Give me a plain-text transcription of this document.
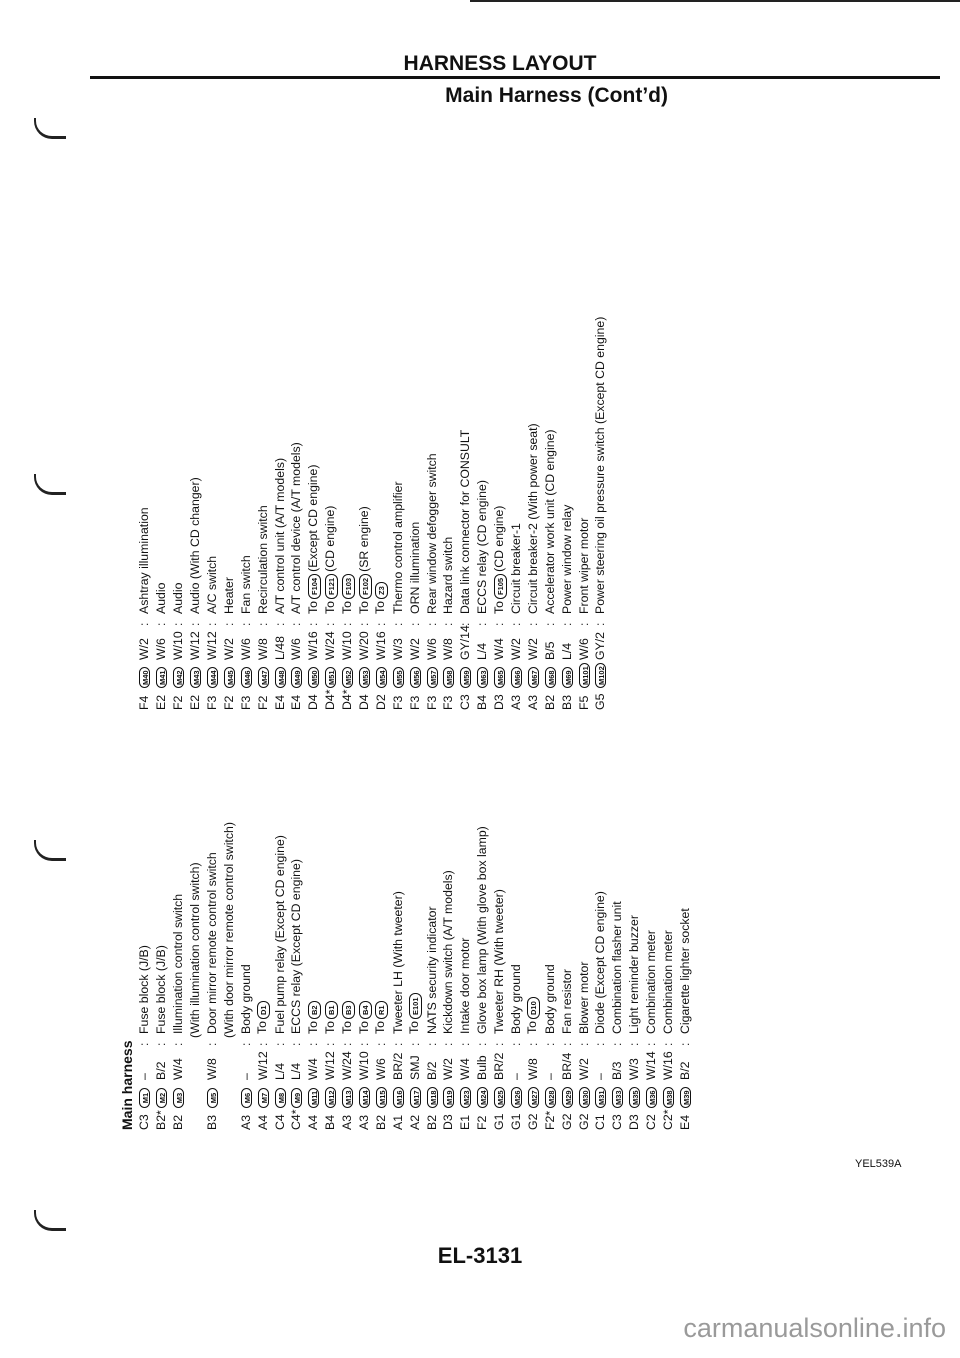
HARNESS LAYOUT
Main Harness (Cont’d)
Main harness C3
M1
–
:
Fuse block (J/B)
B2*
M2
B/2
:
Fuse block (J/B)
B2
M3
W/4
:
Illumination control switch (With illumination control switch)
B3
M5
W/8
:
Door mirror remote control switch (With door mirror remote control switch)
A3
M6
–
:
Body ground
A4
M7
W/12
:
ToD1
C4
M8
L/4
:
Fuel pump relay (Except CD engine)
C4*
M9
L/4
:
ECCS relay (Except CD engine)
A4
M11
W/4
:
ToB2
B4
M12
W/12
:
ToB1
A3
M13
W/24
:
ToB3
A3
M14
W/10
:
ToB4
B2
M15
W/6
:
ToR1
A1
M16
BR/2
:
Tweeter LH (With tweeter)
A2
M17
SMJ
:
ToE101
B2
M18
B/2
:
NATS security indicator
D3
M19
W/2
:
Kickdown switch (A/T models)
E1
M23
W/4
:
Intake door motor
F2
M24
Bulb
:
Glove box lamp (With glove box lamp)
G1
M25
BR/2
:
Tweeter RH (With tweeter)
G1
M26
–
:
Body ground
G2
M27
W/8
:
ToD10
F2*
M28
–
:
Body ground
G2
M29
BR/4
:
Fan resistor
G2
M30
W/2
:
Blower motor
C1
M31
–
:
Diode (Except CD engine)
C3
M33
B/3
:
Combination flasher unit
D3
M35
W/3
:
Light reminder buzzer
C2
M36
W/14
:
Combination meter
C2*
M38
W/16
:
Combination meter
E4
M39
B/2
:
Cigarette lighter socket
F4
M40
W/2
:
Ashtray illumination
E2
M41
W/6
:
Audio
F2
M42
W/10
:
Audio
E2
M43
W/12
:
Audio (With CD changer)
F3
M44
W/12
:
A/C switch
F2
M45
W/2
:
Heater
F3
M46
W/6
:
Fan switch
F2
M47
W/8
:
Recirculation switch
E4
M48
L/48
:
A/T control unit (A/T models)
E4
M49
W/6
:
A/T control device (A/T models)
D4
M50
W/16
:
ToF104(Except CD engine)
D4*
M51
W/24
:
ToF121(CD engine)
D4*
M52
W/10
:
ToF103
D4
M53
W/20
:
ToF102(SR engine)
D2
M54
W/16
:
ToZ3
F3
M55
W/3
:
Thermo control amplifier
F3
M56
W/2
:
ORN illumination
F3
M57
W/6
:
Rear window defogger switch
F3
M58
W/8
:
Hazard switch
C3
M59
GY/14
:
Data link connector for CONSULT
B4
M63
L/4
:
ECCS relay (CD engine)
D3
M65
W/4
:
ToF105(CD engine)
A3
M66
W/2
:
Circuit breaker-1
A3
M67
W/2
:
Circuit breaker-2 (With power seat)
B2
M68
B/5
:
Accelerator work unit (CD engine)
B3
M69
L/4
:
Power window relay
F5
M101
W/6
:
Front wiper motor
G5
M102
GY/2
:
Power steering oil pressure switch (Except CD engine)
YEL539A
EL-3131
carmanualsonline.info
